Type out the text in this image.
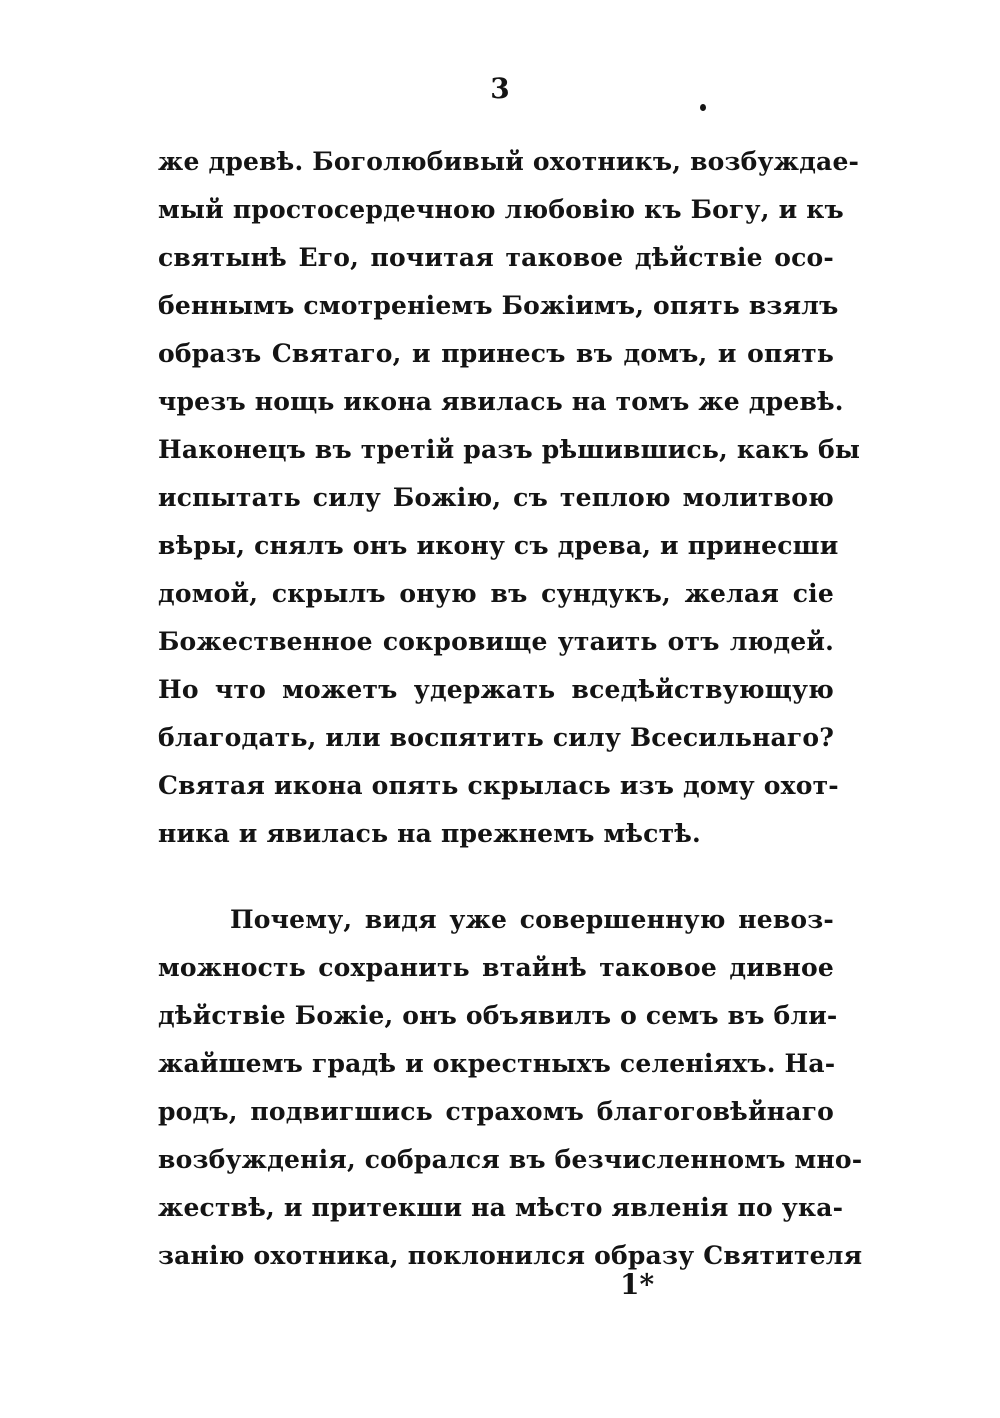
3
же древѣ. Боголюбивый охотникъ, возбуждае-
мый простосердечною любовію къ Богу, и къ
святынѣ Его, почитая таковое дѣйствіе осо-
беннымъ смотреніемъ Божіимъ, опять взялъ
образъ Святаго, и принесъ въ домъ, и опять
чрезъ нощь икона явилась на томъ же древѣ.
Наконецъ въ третій разъ рѣшившись, какъ бы
испытать силу Божію, съ теплою молитвою
вѣры, снялъ онъ икону съ древа, и принесши
домой, скрылъ оную въ сундукъ, желая сіе
Божественное сокровище утаить отъ людей.
Но что можетъ удержать вседѣйствующую
благодать, или воспятить силу Всесильнаго?
Святая икона опять скрылась изъ дому охот-
ника и явилась на прежнемъ мѣстѣ.
Почему, видя уже совершенную невоз-
можность сохранить втайнѣ таковое дивное
дѣйствіе Божіе, онъ объявилъ о семъ въ бли-
жайшемъ градѣ и окрестныхъ селеніяхъ. На-
родъ, подвигшись страхомъ благоговѣйнаго
возбужденія, собрался въ безчисленномъ мно-
жествѣ, и притекши на мѣсто явленія по ука-
занію охотника, поклонился образу Святителя
1*
